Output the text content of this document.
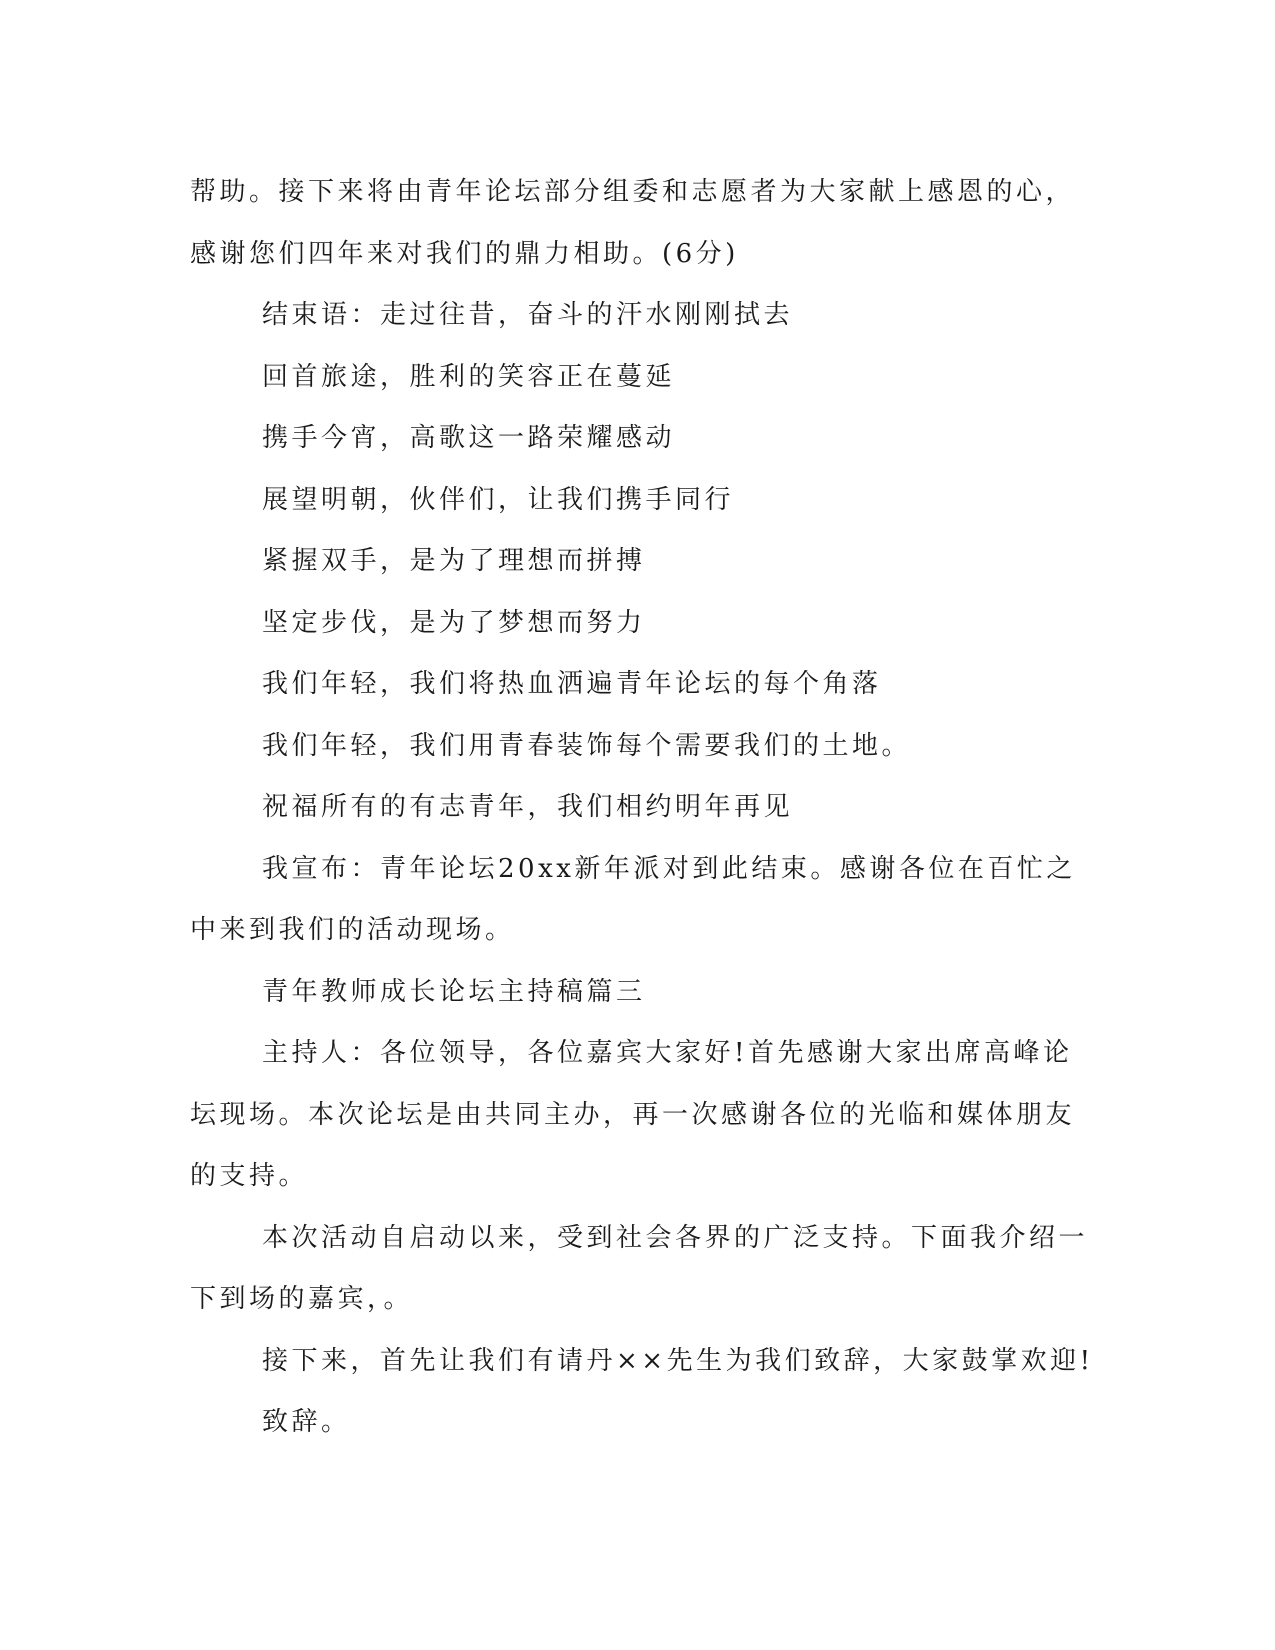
帮助。接下来将由青年论坛部分组委和志愿者为大家献上感恩的心，
感谢您们四年来对我们的鼎力相助。(6分)
结束语：走过往昔，奋斗的汗水刚刚拭去
回首旅途，胜利的笑容正在蔓延
携手今宵，高歌这一路荣耀感动
展望明朝，伙伴们，让我们携手同行
紧握双手，是为了理想而拼搏
坚定步伐，是为了梦想而努力
我们年轻，我们将热血洒遍青年论坛的每个角落
我们年轻，我们用青春装饰每个需要我们的土地。
祝福所有的有志青年，我们相约明年再见
我宣布：青年论坛20xx新年派对到此结束。感谢各位在百忙之
中来到我们的活动现场。
青年教师成长论坛主持稿篇三
主持人：各位领导，各位嘉宾大家好!首先感谢大家出席高峰论
坛现场。本次论坛是由共同主办，再一次感谢各位的光临和媒体朋友
的支持。
本次活动自启动以来，受到社会各界的广泛支持。下面我介绍一
下到场的嘉宾，。
接下来，首先让我们有请丹××先生为我们致辞，大家鼓掌欢迎!
致辞。
